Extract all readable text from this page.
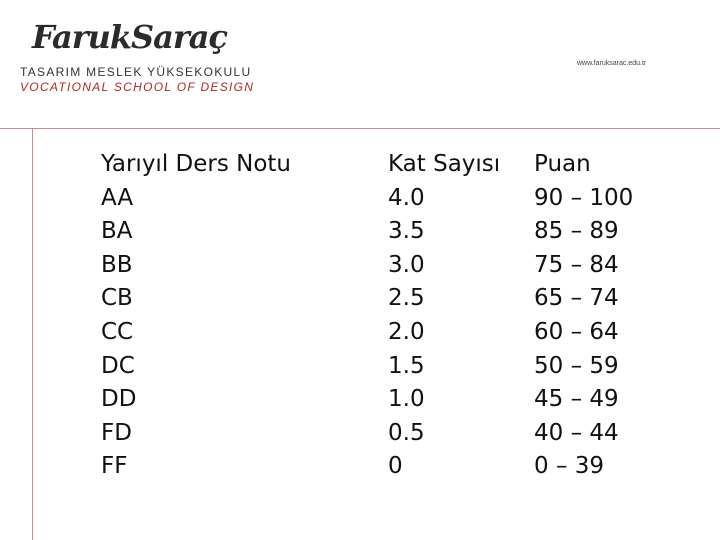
FarukSaraç
TASARIM MESLEK YÜKSEKOKULU
VOCATIONAL SCHOOL OF DESIGN
www.faruksarac.edu.tr
Yarıyıl Ders Notu
AA
BA
BB
CB
CC
DC
DD
FD
FF
Kat Sayısı
4.0
3.5
3.0
2.5
2.0
1.5
1.0
0.5
0
Puan
90 – 100
85 – 89
75 – 84
65 – 74
60 – 64
50 – 59
45 – 49
40 – 44
0 – 39
